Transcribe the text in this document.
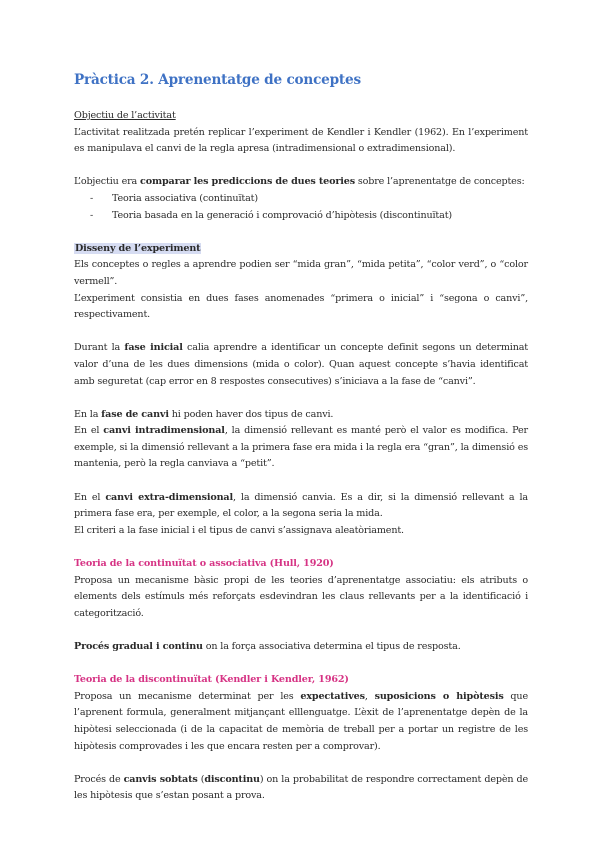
Pràctica 2. Aprenentatge de conceptes
Objectiu de l’activitat

L’activitat realitzada pretén replicar l’experiment de Kendler i Kendler (1962). En l’experiment es manipulava el canvi de la regla apresa (intradimensional o extradimensional).

L’objectiu era comparar les prediccions de dues teories sobre l’aprenentatge de conceptes:

- Teoria associativa (continuïtat)
- Teoria basada en la generació i comprovació d’hipòtesis (discontinuïtat)
Disseny de l’experiment

Els conceptes o regles a aprendre podien ser “mida gran”, “mida petita”, “color verd”, o “color vermell”.

L’experiment consistia en dues fases anomenades “primera o inicial” i “segona o canvi”, respectivament.

Durant la fase inicial calia aprendre a identificar un concepte definit segons un determinat valor d’una de les dues dimensions (mida o color). Quan aquest concepte s’havia identificat amb seguretat (cap error en 8 respostes consecutives) s’iniciava a la fase de “canvi”.

En la fase de canvi hi poden haver dos tipus de canvi.

En el canvi intradimensional, la dimensió rellevant es manté però el valor es modifica. Per exemple, si la dimensió rellevant a la primera fase era mida i la regla era “gran”, la dimensió es mantenia, però la regla canviava a “petit”.

En el canvi extra-dimensional, la dimensió canvia. Es a dir, si la dimensió rellevant a la primera fase era, per exemple, el color, a la segona seria la mida.

El criteri a la fase inicial i el tipus de canvi s’assignava aleatòriament.

Teoria de la continuïtat o associativa (Hull, 1920)

Proposa un mecanisme bàsic propi de les teories d’aprenentatge associatiu: els atributs o elements dels estímuls més reforçats esdevindran les claus rellevants per a la identificació i categorització.

Procés gradual i continu on la força associativa determina el tipus de resposta.

Teoria de la discontinuïtat (Kendler i Kendler, 1962)

Proposa un mecanisme determinat per les expectatives, suposicions o hipòtesis que l’aprenent formula, generalment mitjançant elllenguatge. L’èxit de l’aprenentatge depèn de la hipòtesi seleccionada (i de la capacitat de memòria de treball per a portar un registre de les hipòtesis comprovades i les que encara resten per a comprovar).

Procés de canvis sobtats (discontinu) on la probabilitat de respondre correctament depèn de les hipòtesis que s’estan posant a prova.
